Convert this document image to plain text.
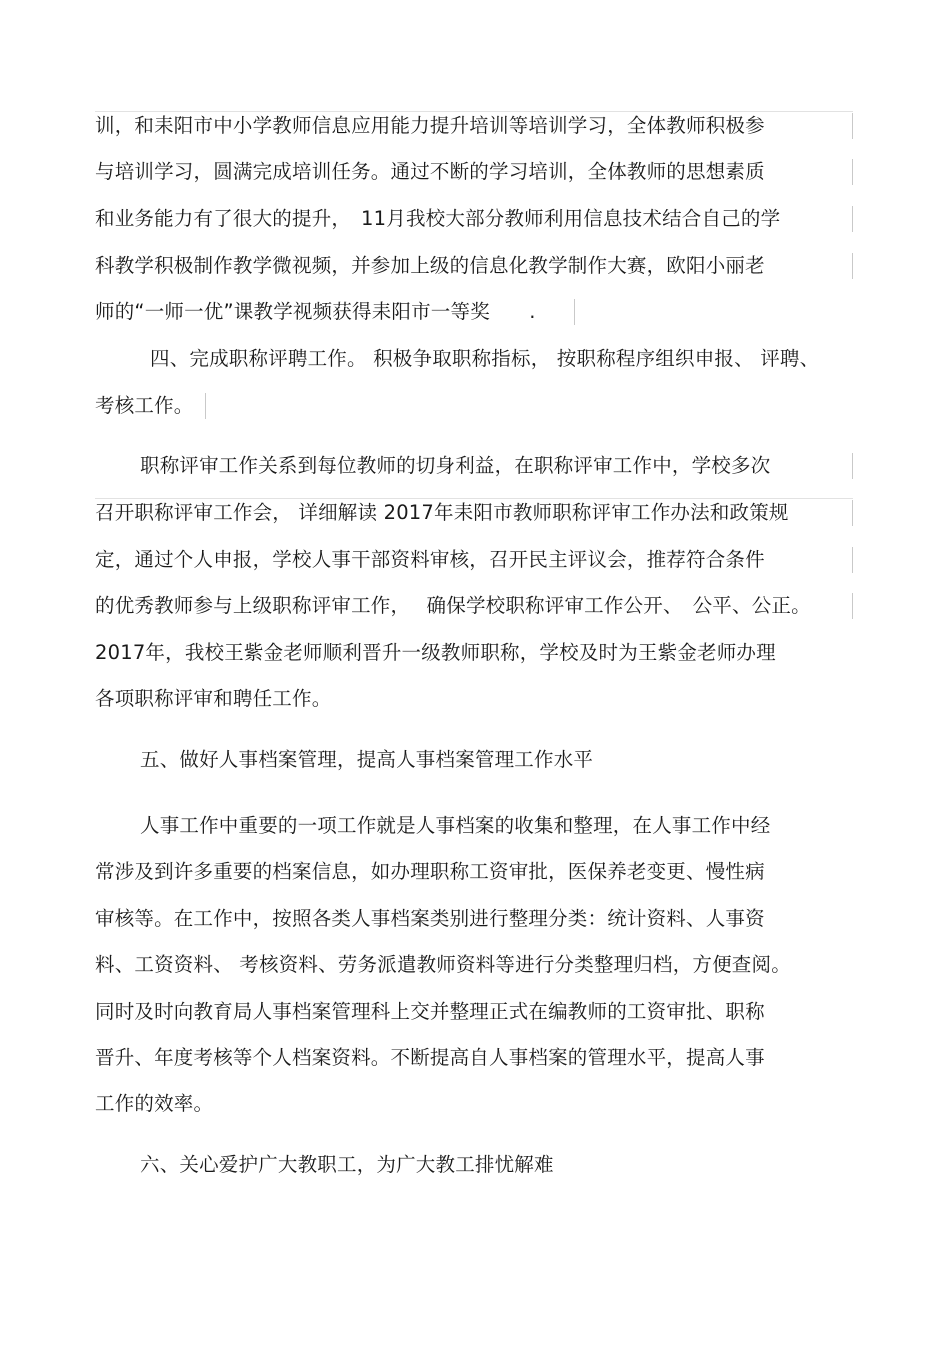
训，和耒阳市中小学教师信息应用能力提升培训等培训学习，全体教师积极参
与培训学习，圆满完成培训任务。通过不断的学习培训，全体教师的思想素质
和业务能力有了很大的提升，　11月我校大部分教师利用信息技术结合自己的学
科教学积极制作教学微视频，并参加上级的信息化教学制作大赛，欧阳小丽老
师的“一师一优”课教学视频获得耒阳市一等奖　　.
四、完成职称评聘工作。 积极争取职称指标， 按职称程序组织申报、 评聘、
考核工作。
职称评审工作关系到每位教师的切身利益，在职称评审工作中，学校多次
召开职称评审工作会， 详细解读 2017年耒阳市教师职称评审工作办法和政策规
定，通过个人申报，学校人事干部资料审核，召开民主评议会，推荐符合条件
的优秀教师参与上级职称评审工作，　 确保学校职称评审工作公开、　公平、公正。
2017年，我校王紫金老师顺利晋升一级教师职称，学校及时为王紫金老师办理
各项职称评审和聘任工作。
五、做好人事档案管理，提高人事档案管理工作水平
人事工作中重要的一项工作就是人事档案的收集和整理，在人事工作中经
常涉及到许多重要的档案信息，如办理职称工资审批，医保养老变更、慢性病
审核等。在工作中，按照各类人事档案类别进行整理分类：统计资料、人事资
料、工资资料、 考核资料、劳务派遣教师资料等进行分类整理归档，方便查阅。
同时及时向教育局人事档案管理科上交并整理正式在编教师的工资审批、职称
晋升、年度考核等个人档案资料。不断提高自人事档案的管理水平，提高人事
工作的效率。
六、关心爱护广大教职工，为广大教工排忧解难
